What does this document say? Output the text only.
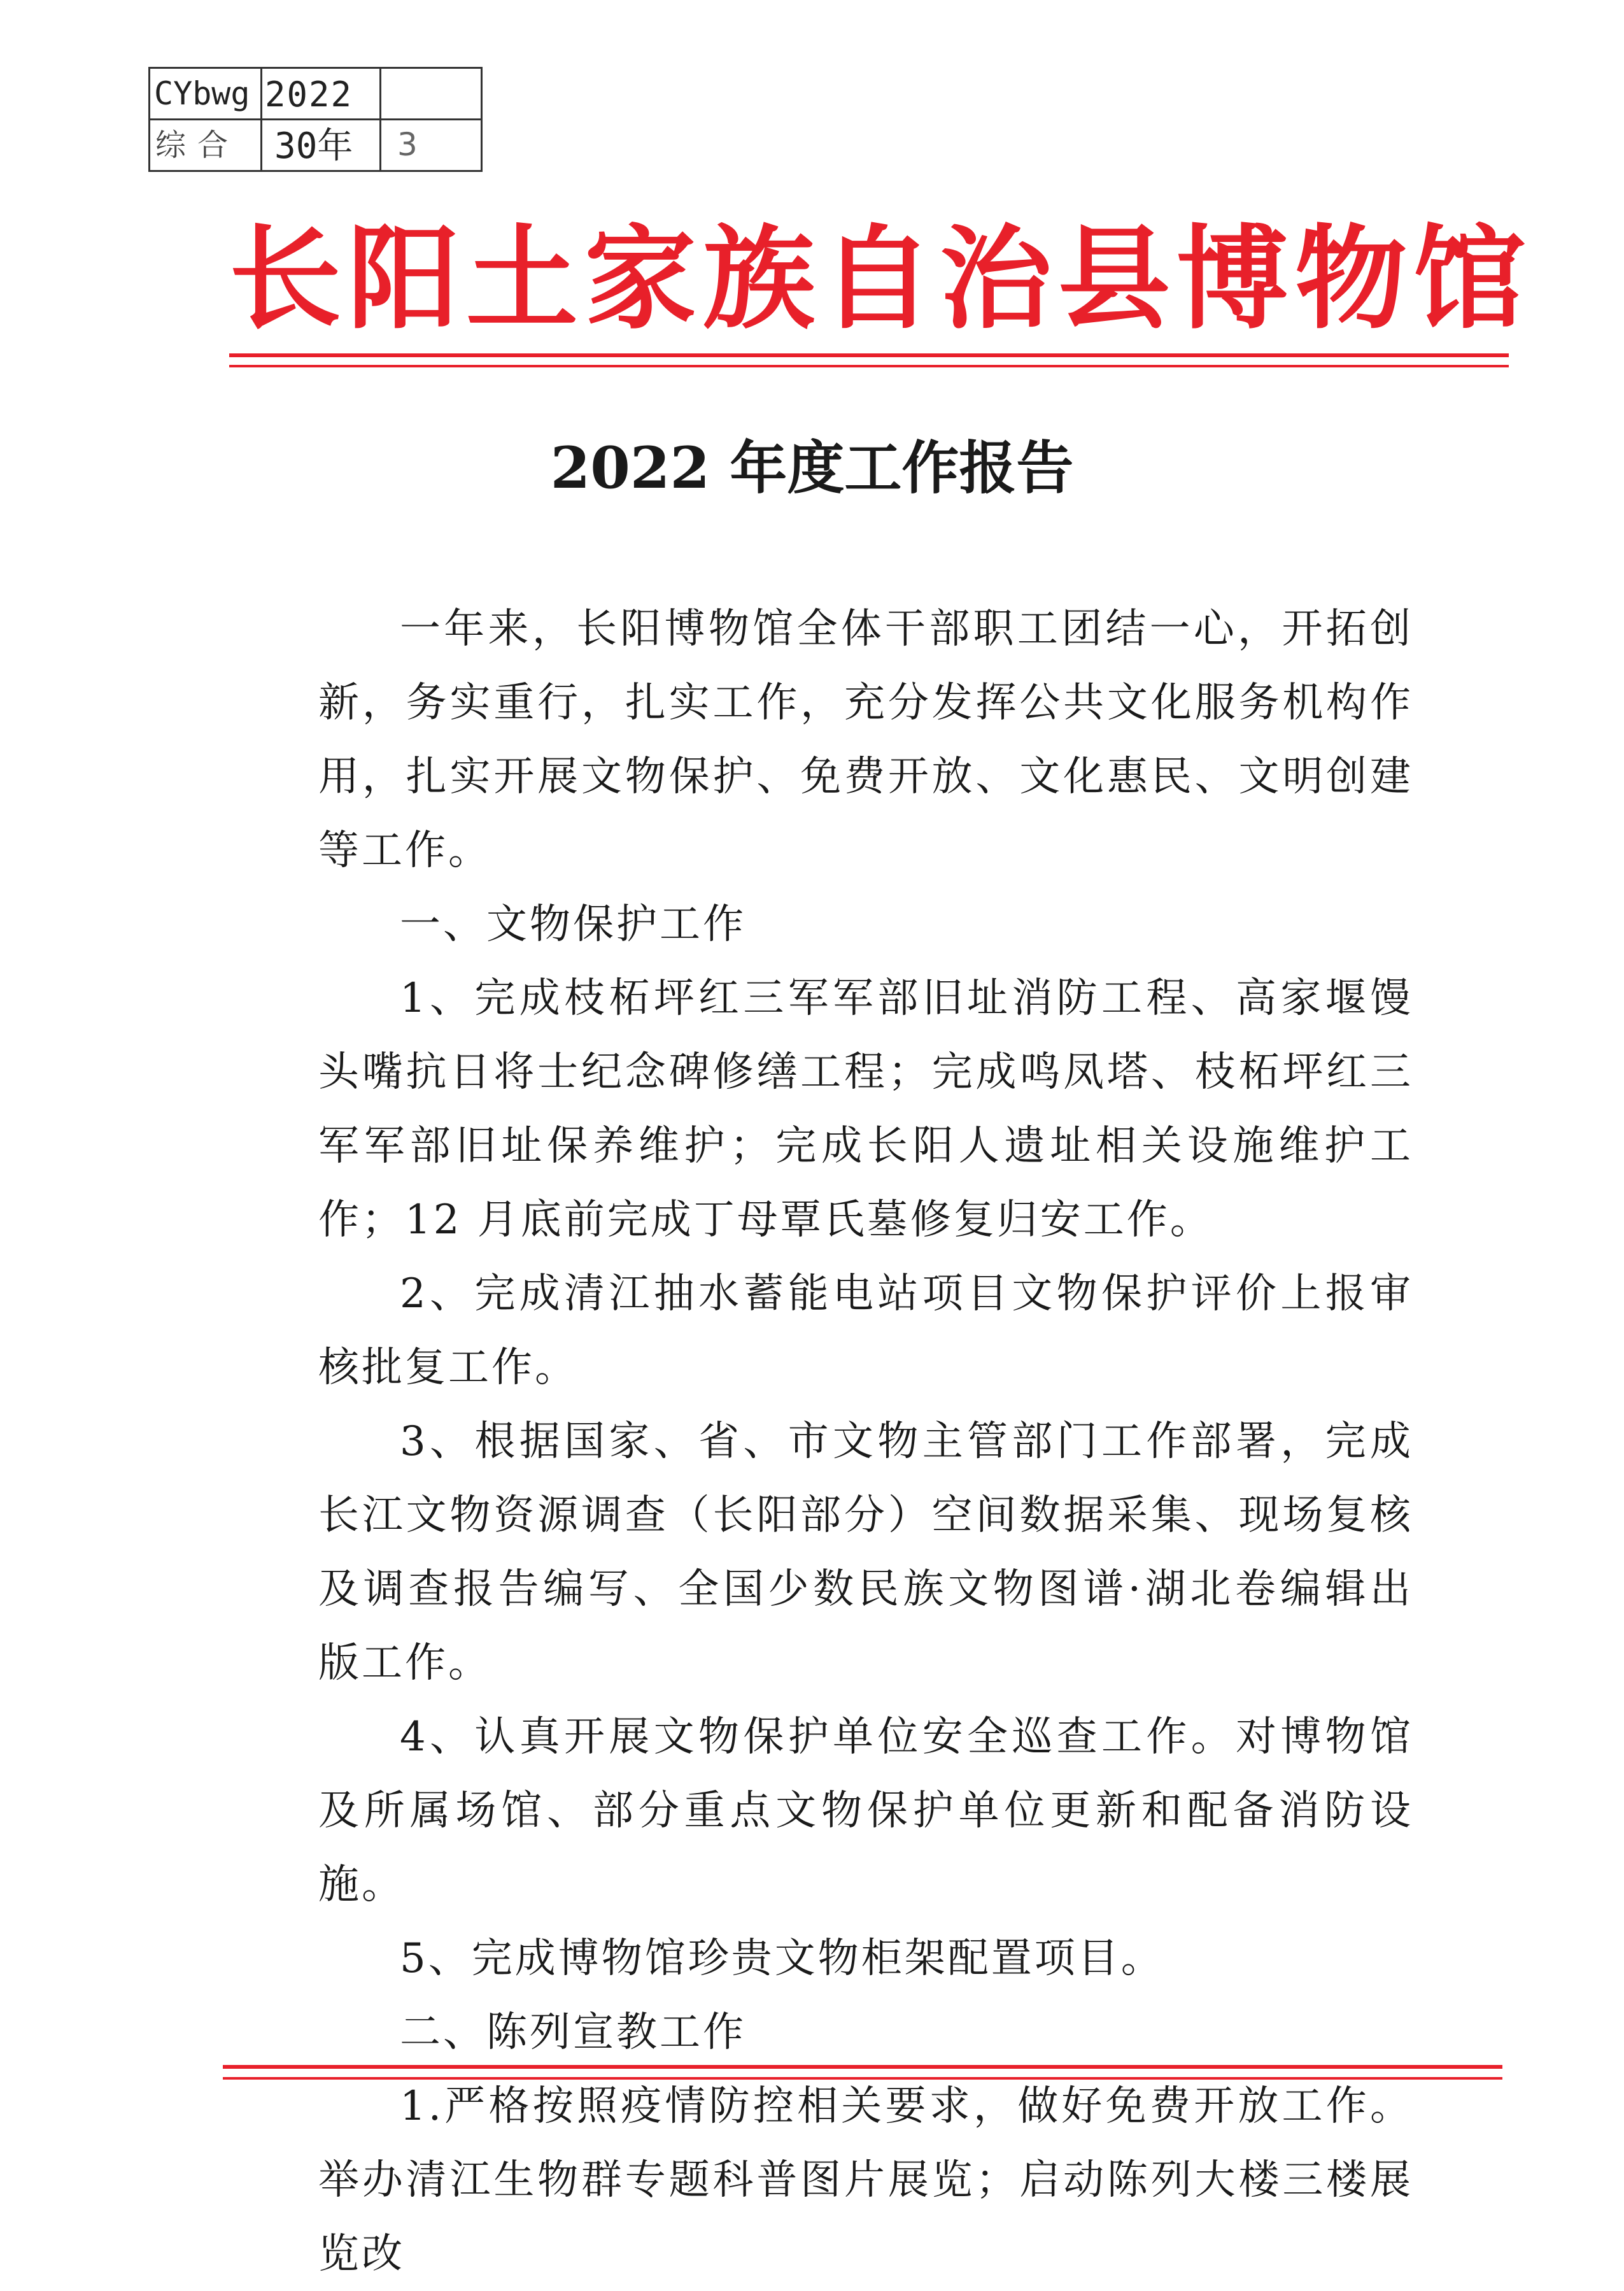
CYbwg 2022
综合 30年 3
长阳土家族自治县博物馆
2022 年度工作报告

一年来，长阳博物馆全体干部职工团结一心，开拓创新，务实重行，扎实工作，充分发挥公共文化服务机构作用，扎实开展文物保护、免费开放、文化惠民、文明创建等工作。

一、文物保护工作

1、完成枝柘坪红三军军部旧址消防工程、高家堰馒头嘴抗日将士纪念碑修缮工程；完成鸣凤塔、枝柘坪红三军军部旧址保养维护；完成长阳人遗址相关设施维护工作；12 月底前完成丁母覃氏墓修复归安工作。

2、完成清江抽水蓄能电站项目文物保护评价上报审核批复工作。

3、根据国家、省、市文物主管部门工作部署，完成长江文物资源调查（长阳部分）空间数据采集、现场复核及调查报告编写、全国少数民族文物图谱·湖北卷编辑出版工作。

4、认真开展文物保护单位安全巡查工作。对博物馆及所属场馆、部分重点文物保护单位更新和配备消防设施。

5、完成博物馆珍贵文物柜架配置项目。

二、陈列宣教工作

1.严格按照疫情防控相关要求，做好免费开放工作。举办清江生物群专题科普图片展览；启动陈列大楼三楼展览改
